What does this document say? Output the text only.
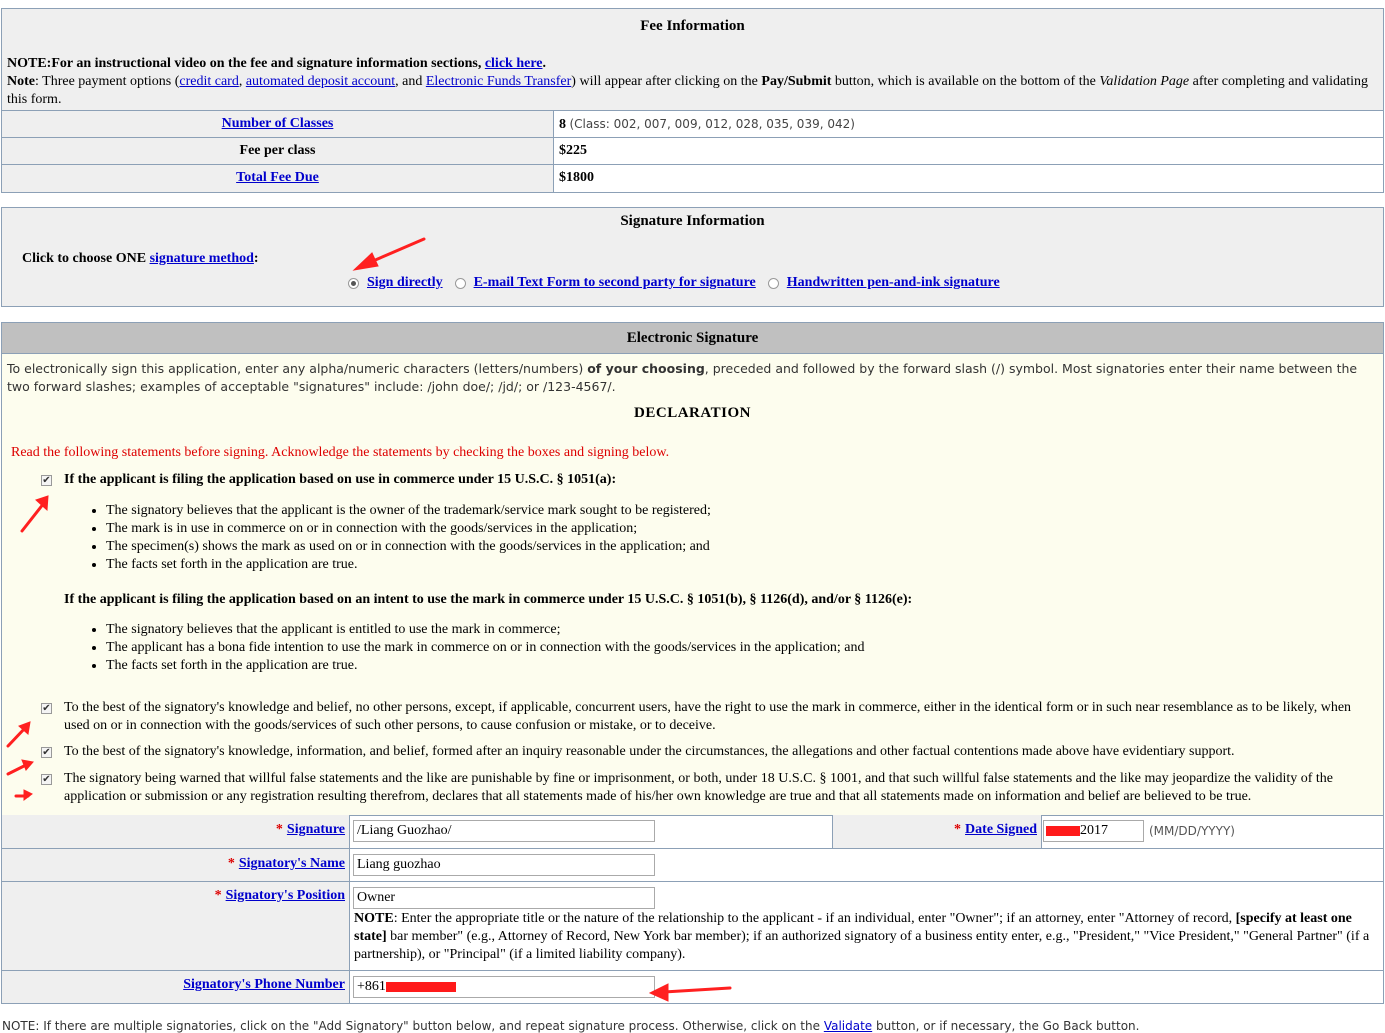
Fee Information
NOTE:For an instructional video on the fee and signature information sections, click here.
Note: Three payment options (credit card, automated deposit account, and Electronic Funds Transfer) will appear after clicking on the Pay/Submit button, which is available on the bottom of the Validation Page after completing and validating this form.
Number of Classes	8 (Class: 002, 007, 009, 012, 028, 035, 039, 042)
Fee per class	$225
Total Fee Due	$1800
Signature Information
Click to choose ONE signature method:
Sign directly E-mail Text Form to second party for signature Handwritten pen-and-ink signature
Electronic Signature
To electronically sign this application, enter any alpha/numeric characters (letters/numbers) of your choosing, preceded and followed by the forward slash (/) symbol. Most signatories enter their name between the two forward slashes; examples of acceptable "signatures" include: /john doe/; /jd/; or /123-4567/.
DECLARATION
Read the following statements before signing. Acknowledge the statements by checking the boxes and signing below.
✔ If the applicant is filing the application based on use in commerce under 15 U.S.C. § 1051(a):
• The signatory believes that the applicant is the owner of the trademark/service mark sought to be registered;
• The mark is in use in commerce on or in connection with the goods/services in the application;
• The specimen(s) shows the mark as used on or in connection with the goods/services in the application; and
• The facts set forth in the application are true.
If the applicant is filing the application based on an intent to use the mark in commerce under 15 U.S.C. § 1051(b), § 1126(d), and/or § 1126(e):
• The signatory believes that the applicant is entitled to use the mark in commerce;
• The applicant has a bona fide intention to use the mark in commerce on or in connection with the goods/services in the application; and
• The facts set forth in the application are true.
✔ To the best of the signatory's knowledge and belief, no other persons, except, if applicable, concurrent users, have the right to use the mark in commerce, either in the identical form or in such near resemblance as to be likely, when used on or in connection with the goods/services of such other persons, to cause confusion or mistake, or to deceive.
✔ To the best of the signatory's knowledge, information, and belief, formed after an inquiry reasonable under the circumstances, the allegations and other factual contentions made above have evidentiary support.
✔ The signatory being warned that willful false statements and the like are punishable by fine or imprisonment, or both, under 18 U.S.C. § 1001, and that such willful false statements and the like may jeopardize the validity of the application or submission or any registration resulting therefrom, declares that all statements made of his/her own knowledge are true and that all statements made on information and belief are believed to be true.
* Signature /Liang Guozhao/	* Date Signed	2017	(MM/DD/YYYY)
* Signatory's Name Liang guozhao
* Signatory's Position Owner
NOTE: Enter the appropriate title or the nature of the relationship to the applicant - if an individual, enter "Owner"; if an attorney, enter "Attorney of record, [specify at least one state] bar member" (e.g., Attorney of Record, New York bar member); if an authorized signatory of a business entity enter, e.g., "President," "Vice President," "General Partner" (if a partnership), or "Principal" (if a limited liability company).
Signatory's Phone Number +861
NOTE: If there are multiple signatories, click on the "Add Signatory" button below, and repeat signature process. Otherwise, click on the Validate button, or if necessary, the Go Back button.
